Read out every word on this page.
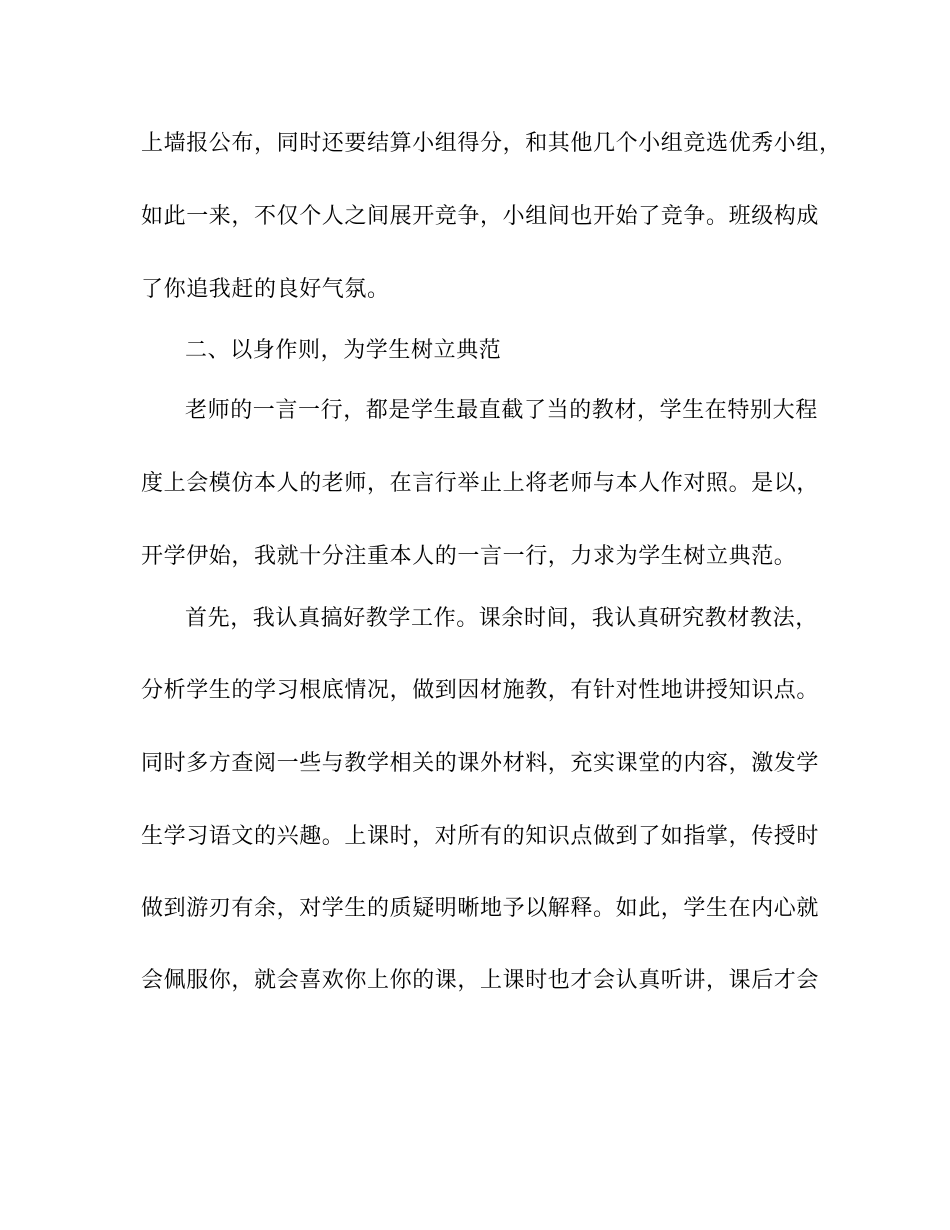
上墙报公布，同时还要结算小组得分，和其他几个小组竞选优秀小组，
如此一来，不仅个人之间展开竞争，小组间也开始了竞争。班级构成
了你追我赶的良好气氛。
二、以身作则，为学生树立典范
老师的一言一行，都是学生最直截了当的教材，学生在特别大程
度上会模仿本人的老师，在言行举止上将老师与本人作对照。是以，
开学伊始，我就十分注重本人的一言一行，力求为学生树立典范。
首先，我认真搞好教学工作。课余时间，我认真研究教材教法，
分析学生的学习根底情况，做到因材施教，有针对性地讲授知识点。
同时多方查阅一些与教学相关的课外材料，充实课堂的内容，激发学
生学习语文的兴趣。上课时，对所有的知识点做到了如指掌，传授时
做到游刃有余，对学生的质疑明晰地予以解释。如此，学生在内心就
会佩服你，就会喜欢你上你的课，上课时也才会认真听讲，课后才会
